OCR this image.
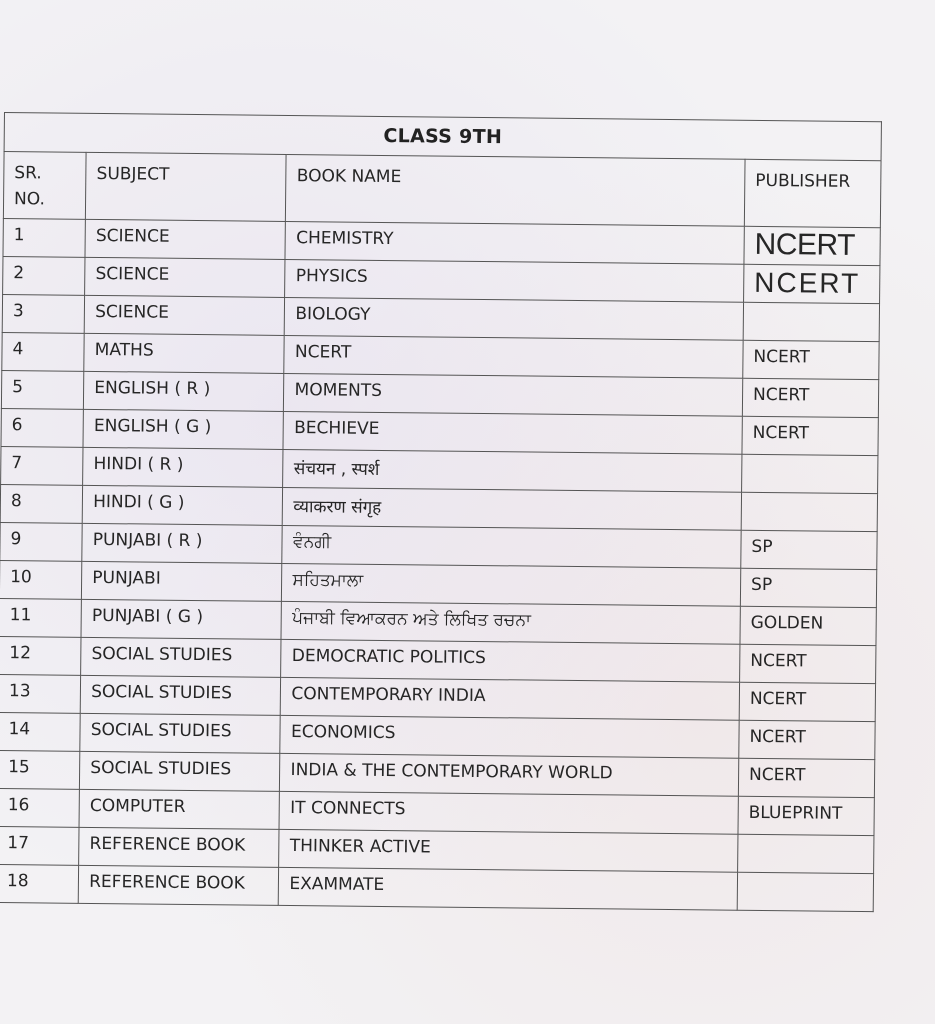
CLASS 9TH
SR. NO.	SUBJECT	BOOK NAME	PUBLISHER
1	SCIENCE	CHEMISTRY	NCERT
2	SCIENCE	PHYSICS	NCERT
3	SCIENCE	BIOLOGY	
4	MATHS	NCERT	NCERT
5	ENGLISH ( R )	MOMENTS	NCERT
6	ENGLISH ( G )	BECHIEVE	NCERT
7	HINDI ( R )	संचयन , स्पर्श	
8	HINDI ( G )	व्याकरण संगृह	
9	PUNJABI ( R )	ਵੰਨਗੀ	SP
10	PUNJABI	ਸਹਿਤਮਾਲਾ	SP
11	PUNJABI ( G )	ਪੰਜਾਬੀ ਵਿਆਕਰਨ ਅਤੇ ਲਿਖਿਤ ਰਚਨਾ	GOLDEN
12	SOCIAL STUDIES	DEMOCRATIC POLITICS	NCERT
13	SOCIAL STUDIES	CONTEMPORARY INDIA	NCERT
14	SOCIAL STUDIES	ECONOMICS	NCERT
15	SOCIAL STUDIES	INDIA & THE CONTEMPORARY WORLD	NCERT
16	COMPUTER	IT CONNECTS	BLUEPRINT
17	REFERENCE BOOK	THINKER ACTIVE	
18	REFERENCE BOOK	EXAMMATE	
